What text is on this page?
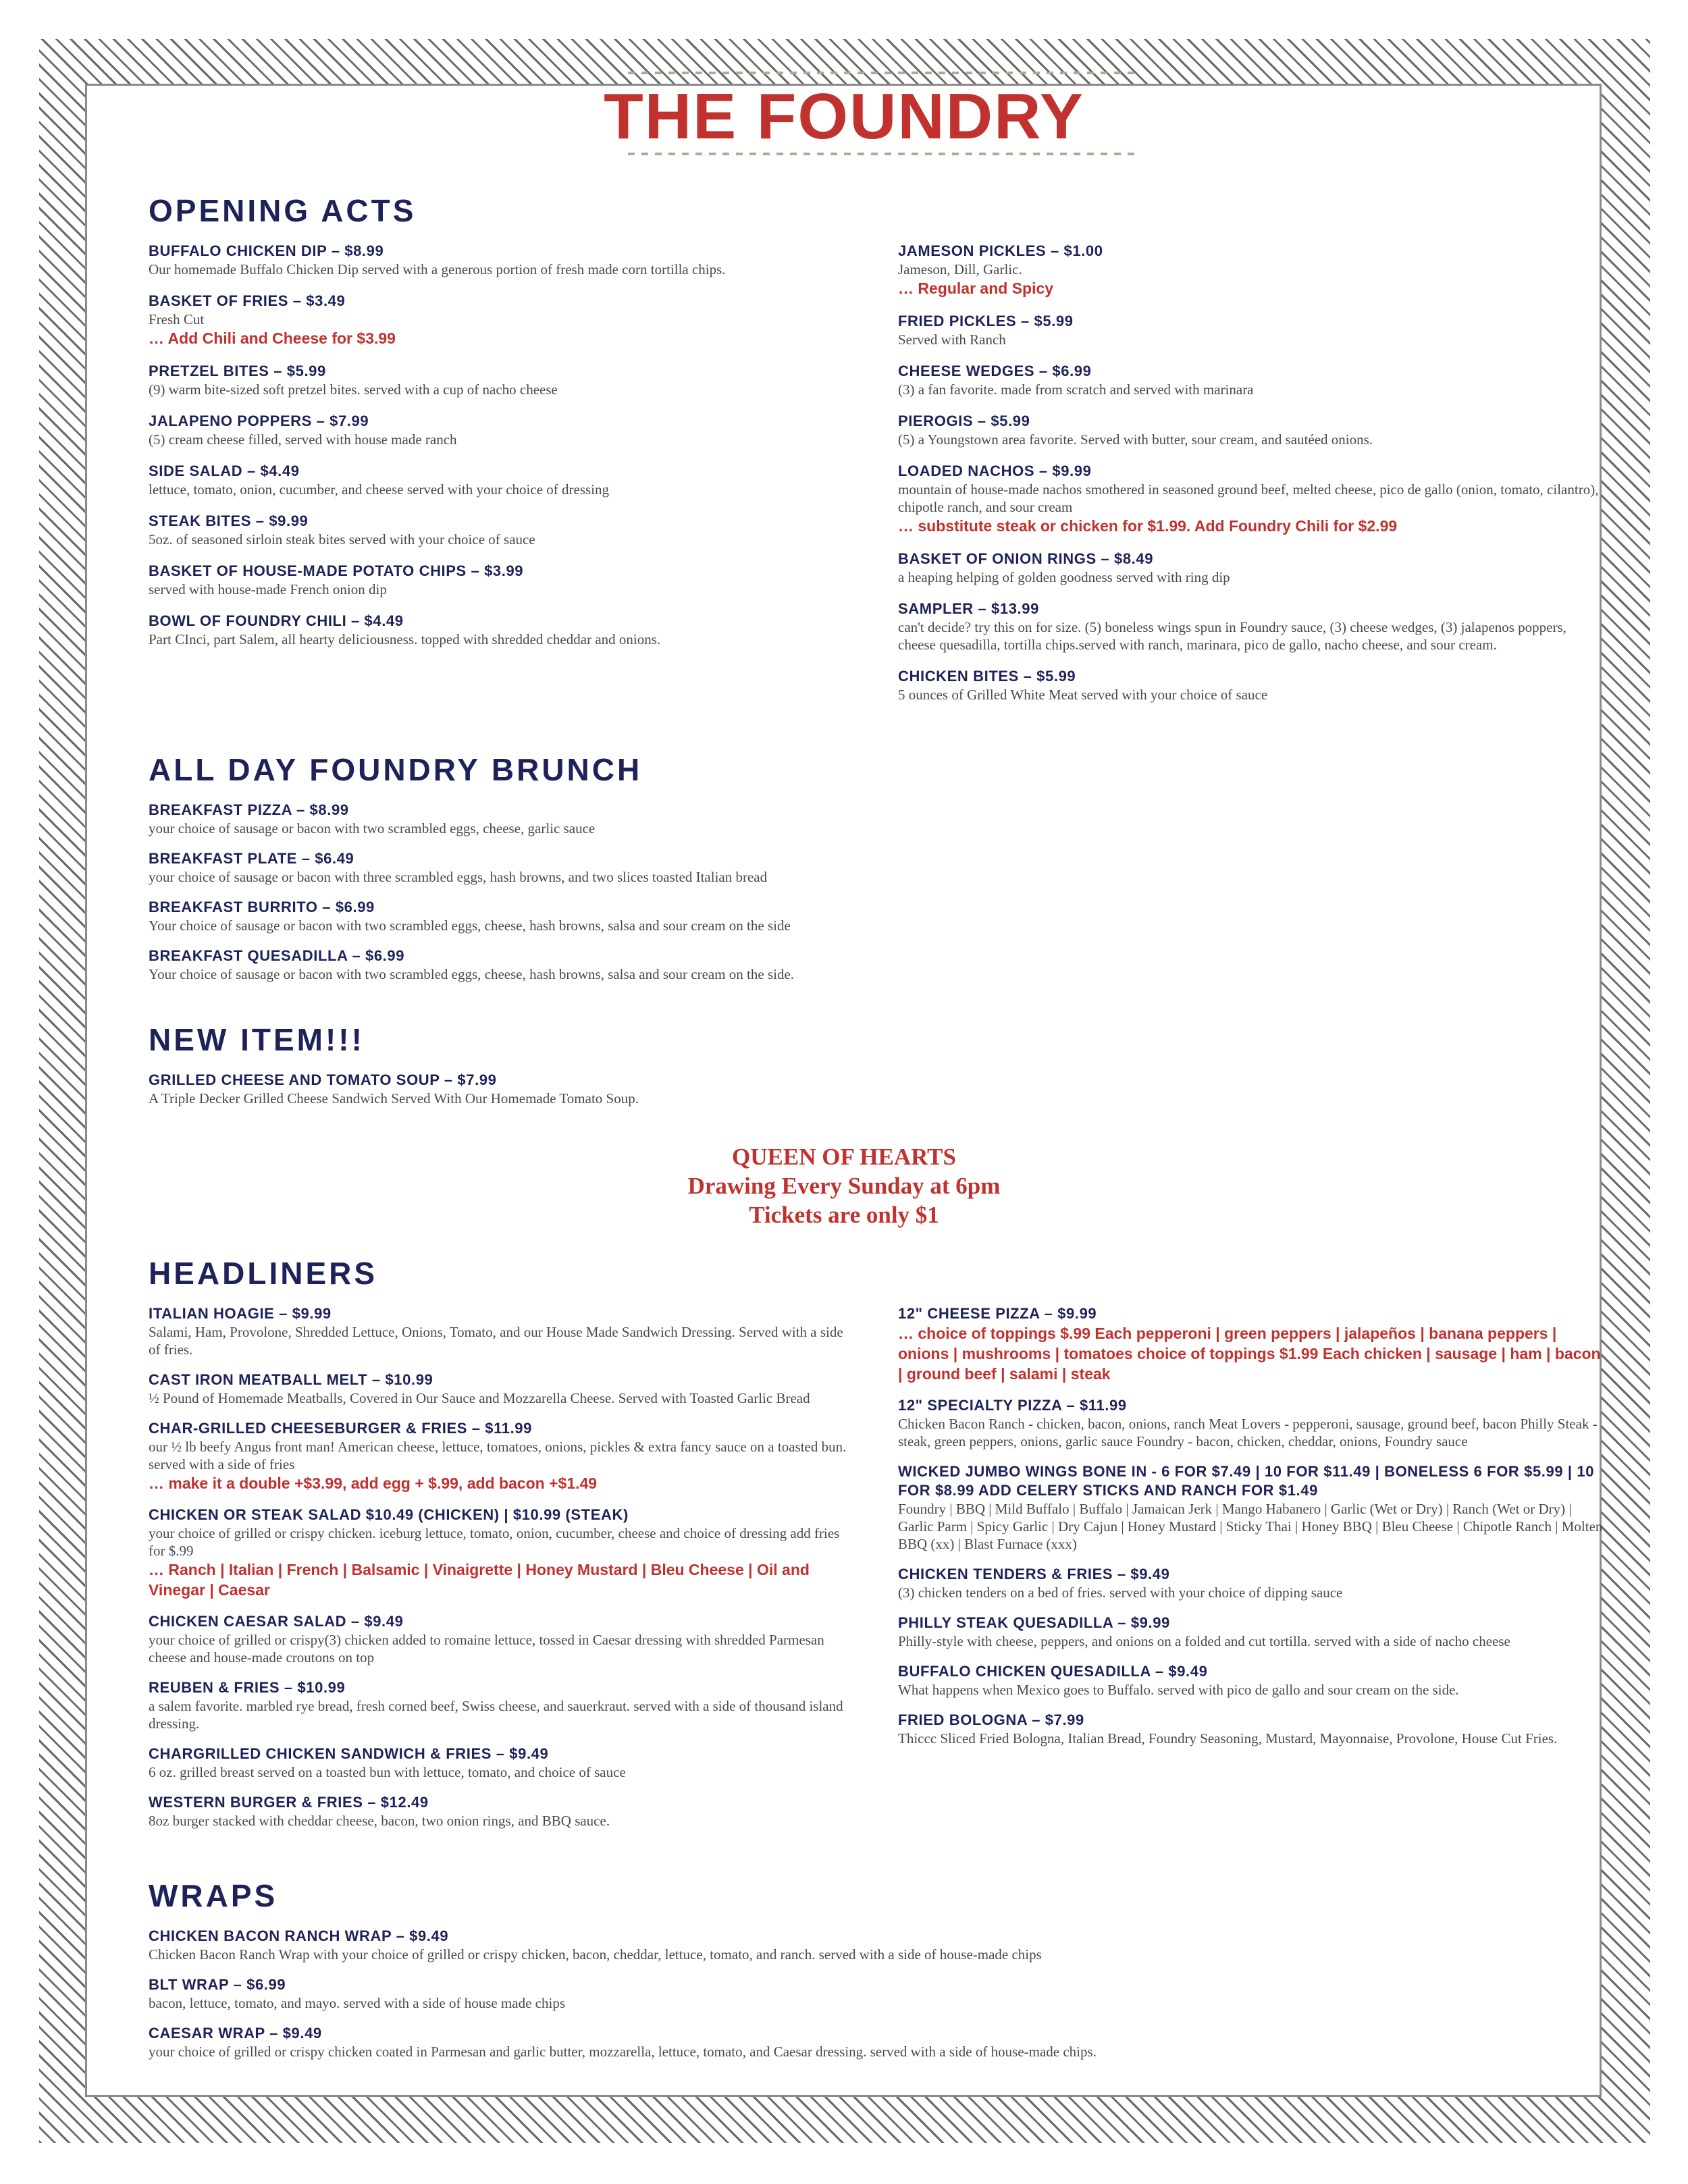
THE FOUNDRY
OPENING ACTS
BUFFALO CHICKEN DIP – $8.99
Our homemade Buffalo Chicken Dip served with a generous portion of fresh made corn tortilla chips.
BASKET OF FRIES – $3.49
Fresh Cut
… Add Chili and Cheese for $3.99
PRETZEL BITES – $5.99
(9) warm bite-sized soft pretzel bites. served with a cup of nacho cheese
JALAPENO POPPERS – $7.99
(5) cream cheese filled, served with house made ranch
SIDE SALAD – $4.49
lettuce, tomato, onion, cucumber, and cheese served with your choice of dressing
STEAK BITES – $9.99
5oz. of seasoned sirloin steak bites served with your choice of sauce
BASKET OF HOUSE-MADE POTATO CHIPS – $3.99
served with house-made French onion dip
BOWL OF FOUNDRY CHILI – $4.49
Part CInci, part Salem, all hearty deliciousness. topped with shredded cheddar and onions.
JAMESON PICKLES – $1.00
Jameson, Dill, Garlic.
… Regular and Spicy
FRIED PICKLES – $5.99
Served with Ranch
CHEESE WEDGES – $6.99
(3) a fan favorite. made from scratch and served with marinara
PIEROGIS – $5.99
(5) a Youngstown area favorite. Served with butter, sour cream, and sautéed onions.
LOADED NACHOS – $9.99
mountain of house-made nachos smothered in seasoned ground beef, melted cheese, pico de gallo (onion, tomato, cilantro), chipotle ranch, and sour cream
… substitute steak or chicken for $1.99. Add Foundry Chili for $2.99
BASKET OF ONION RINGS – $8.49
a heaping helping of golden goodness served with ring dip
SAMPLER – $13.99
can't decide? try this on for size. (5) boneless wings spun in Foundry sauce, (3) cheese wedges, (3) jalapenos poppers, cheese quesadilla, tortilla chips.served with ranch, marinara, pico de gallo, nacho cheese, and sour cream.
CHICKEN BITES – $5.99
5 ounces of Grilled White Meat served with your choice of sauce
ALL DAY FOUNDRY BRUNCH
BREAKFAST PIZZA – $8.99
your choice of sausage or bacon with two scrambled eggs, cheese, garlic sauce
BREAKFAST PLATE – $6.49
your choice of sausage or bacon with three scrambled eggs, hash browns, and two slices toasted Italian bread
BREAKFAST BURRITO – $6.99
Your choice of sausage or bacon with two scrambled eggs, cheese, hash browns, salsa and sour cream on the side
BREAKFAST QUESADILLA – $6.99
Your choice of sausage or bacon with two scrambled eggs, cheese, hash browns, salsa and sour cream on the side.
NEW ITEM!!!
GRILLED CHEESE AND TOMATO SOUP – $7.99
A Triple Decker Grilled Cheese Sandwich Served With Our Homemade Tomato Soup.
QUEEN OF HEARTS
Drawing Every Sunday at 6pm
Tickets are only $1
HEADLINERS
ITALIAN HOAGIE – $9.99
Salami, Ham, Provolone, Shredded Lettuce, Onions, Tomato, and our House Made Sandwich Dressing. Served with a side of fries.
CAST IRON MEATBALL MELT – $10.99
½ Pound of Homemade Meatballs, Covered in Our Sauce and Mozzarella Cheese. Served with Toasted Garlic Bread
CHAR-GRILLED CHEESEBURGER & FRIES – $11.99
our ½ lb beefy Angus front man! American cheese, lettuce, tomatoes, onions, pickles & extra fancy sauce on a toasted bun. served with a side of fries
… make it a double +$3.99, add egg + $.99, add bacon +$1.49
CHICKEN OR STEAK SALAD $10.49 (CHICKEN) | $10.99 (STEAK)
your choice of grilled or crispy chicken. iceburg lettuce, tomato, onion, cucumber, cheese and choice of dressing add fries for $.99
… Ranch | Italian | French | Balsamic | Vinaigrette | Honey Mustard | Bleu Cheese | Oil and Vinegar | Caesar
CHICKEN CAESAR SALAD – $9.49
your choice of grilled or crispy(3) chicken added to romaine lettuce, tossed in Caesar dressing with shredded Parmesan cheese and house-made croutons on top
REUBEN & FRIES – $10.99
a salem favorite. marbled rye bread, fresh corned beef, Swiss cheese, and sauerkraut. served with a side of thousand island dressing.
CHARGRILLED CHICKEN SANDWICH & FRIES – $9.49
6 oz. grilled breast served on a toasted bun with lettuce, tomato, and choice of sauce
WESTERN BURGER & FRIES – $12.49
8oz burger stacked with cheddar cheese, bacon, two onion rings, and BBQ sauce.
12" CHEESE PIZZA – $9.99
… choice of toppings $.99 Each pepperoni | green peppers | jalapeños | banana peppers | onions | mushrooms | tomatoes choice of toppings $1.99 Each chicken | sausage | ham | bacon | ground beef | salami | steak
12" SPECIALTY PIZZA – $11.99
Chicken Bacon Ranch - chicken, bacon, onions, ranch Meat Lovers - pepperoni, sausage, ground beef, bacon Philly Steak - steak, green peppers, onions, garlic sauce Foundry - bacon, chicken, cheddar, onions, Foundry sauce
WICKED JUMBO WINGS BONE IN - 6 FOR $7.49 | 10 FOR $11.49 | BONELESS 6 FOR $5.99 | 10 FOR $8.99 ADD CELERY STICKS AND RANCH FOR $1.49
Foundry | BBQ | Mild Buffalo | Buffalo | Jamaican Jerk | Mango Habanero | Garlic (Wet or Dry) | Ranch (Wet or Dry) | Garlic Parm | Spicy Garlic | Dry Cajun | Honey Mustard | Sticky Thai | Honey BBQ | Bleu Cheese | Chipotle Ranch | Molten BBQ (xx) | Blast Furnace (xxx)
CHICKEN TENDERS & FRIES – $9.49
(3) chicken tenders on a bed of fries. served with your choice of dipping sauce
PHILLY STEAK QUESADILLA – $9.99
Philly-style with cheese, peppers, and onions on a folded and cut tortilla. served with a side of nacho cheese
BUFFALO CHICKEN QUESADILLA – $9.49
What happens when Mexico goes to Buffalo. served with pico de gallo and sour cream on the side.
FRIED BOLOGNA – $7.99
Thiccc Sliced Fried Bologna, Italian Bread, Foundry Seasoning, Mustard, Mayonnaise, Provolone, House Cut Fries.
WRAPS
CHICKEN BACON RANCH WRAP – $9.49
Chicken Bacon Ranch Wrap with your choice of grilled or crispy chicken, bacon, cheddar, lettuce, tomato, and ranch. served with a side of house-made chips
BLT WRAP – $6.99
bacon, lettuce, tomato, and mayo. served with a side of house made chips
CAESAR WRAP – $9.49
your choice of grilled or crispy chicken coated in Parmesan and garlic butter, mozzarella, lettuce, tomato, and Caesar dressing. served with a side of house-made chips.
